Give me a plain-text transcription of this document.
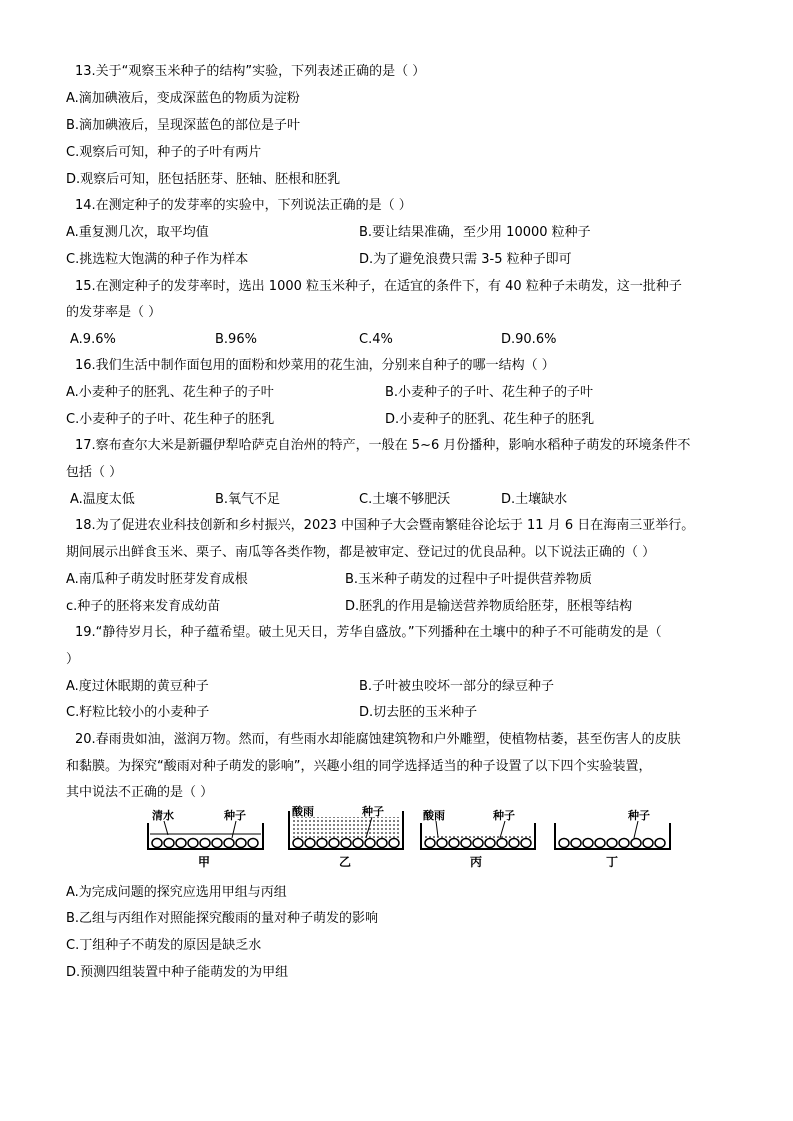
13.关于“观察玉米种子的结构”实验，下列表述正确的是（ ）
A.滴加碘液后，变成深蓝色的物质为淀粉
B.滴加碘液后，呈现深蓝色的部位是子叶
C.观察后可知，种子的子叶有两片
D.观察后可知，胚包括胚芽、胚轴、胚根和胚乳
14.在测定种子的发芽率的实验中，下列说法正确的是（ ）
A.重复测几次，取平均值	B.要让结果准确，至少用 10000 粒种子
C.挑选粒大饱满的种子作为样本	D.为了避免浪费只需 3-5 粒种子即可
15.在测定种子的发芽率时，选出 1000 粒玉米种子，在适宜的条件下，有 40 粒种子未萌发，这一批种子
的发芽率是（ ）
A.9.6%	B.96%	C.4%	D.90.6%
16.我们生活中制作面包用的面粉和炒菜用的花生油，分别来自种子的哪一结构（ ）
A.小麦种子的胚乳、花生种子的子叶	B.小麦种子的子叶、花生种子的子叶
C.小麦种子的子叶、花生种子的胚乳	D.小麦种子的胚乳、花生种子的胚乳
17.察布查尔大米是新疆伊犁哈萨克自治州的特产，一般在 5~6 月份播种，影响水稻种子萌发的环境条件不
包括（ ）
A.温度太低	B.氧气不足	C.土壤不够肥沃	D.土壤缺水
18.为了促进农业科技创新和乡村振兴，2023 中国种子大会暨南繁硅谷论坛于 11 月 6 日在海南三亚举行。
期间展示出鲜食玉米、栗子、南瓜等各类作物，都是被审定、登记过的优良品种。以下说法正确的（ ）
A.南瓜种子萌发时胚芽发育成根	B.玉米种子萌发的过程中子叶提供营养物质
c.种子的胚将来发育成幼苗	D.胚乳的作用是输送营养物质给胚芽，胚根等结构
19.“静待岁月长，种子蕴希望。破土见天日，芳华自盛放。”下列播种在土壤中的种子不可能萌发的是（
）
A.度过休眠期的黄豆种子	B.子叶被虫咬坏一部分的绿豆种子
C.籽粒比较小的小麦种子	D.切去胚的玉米种子
20.春雨贵如油，滋润万物。然而，有些雨水却能腐蚀建筑物和户外雕塑，使植物枯萎，甚至伤害人的皮肤
和黏膜。为探究“酸雨对种子萌发的影响”，兴趣小组的同学选择适当的种子设置了以下四个实验装置，
其中说法不正确的是（ ）
清水	种子
甲
酸雨	种子
乙
酸雨	种子
丙
种子
丁
A.为完成问题的探究应选用甲组与丙组
B.乙组与丙组作对照能探究酸雨的量对种子萌发的影响
C.丁组种子不萌发的原因是缺乏水
D.预测四组装置中种子能萌发的为甲组
